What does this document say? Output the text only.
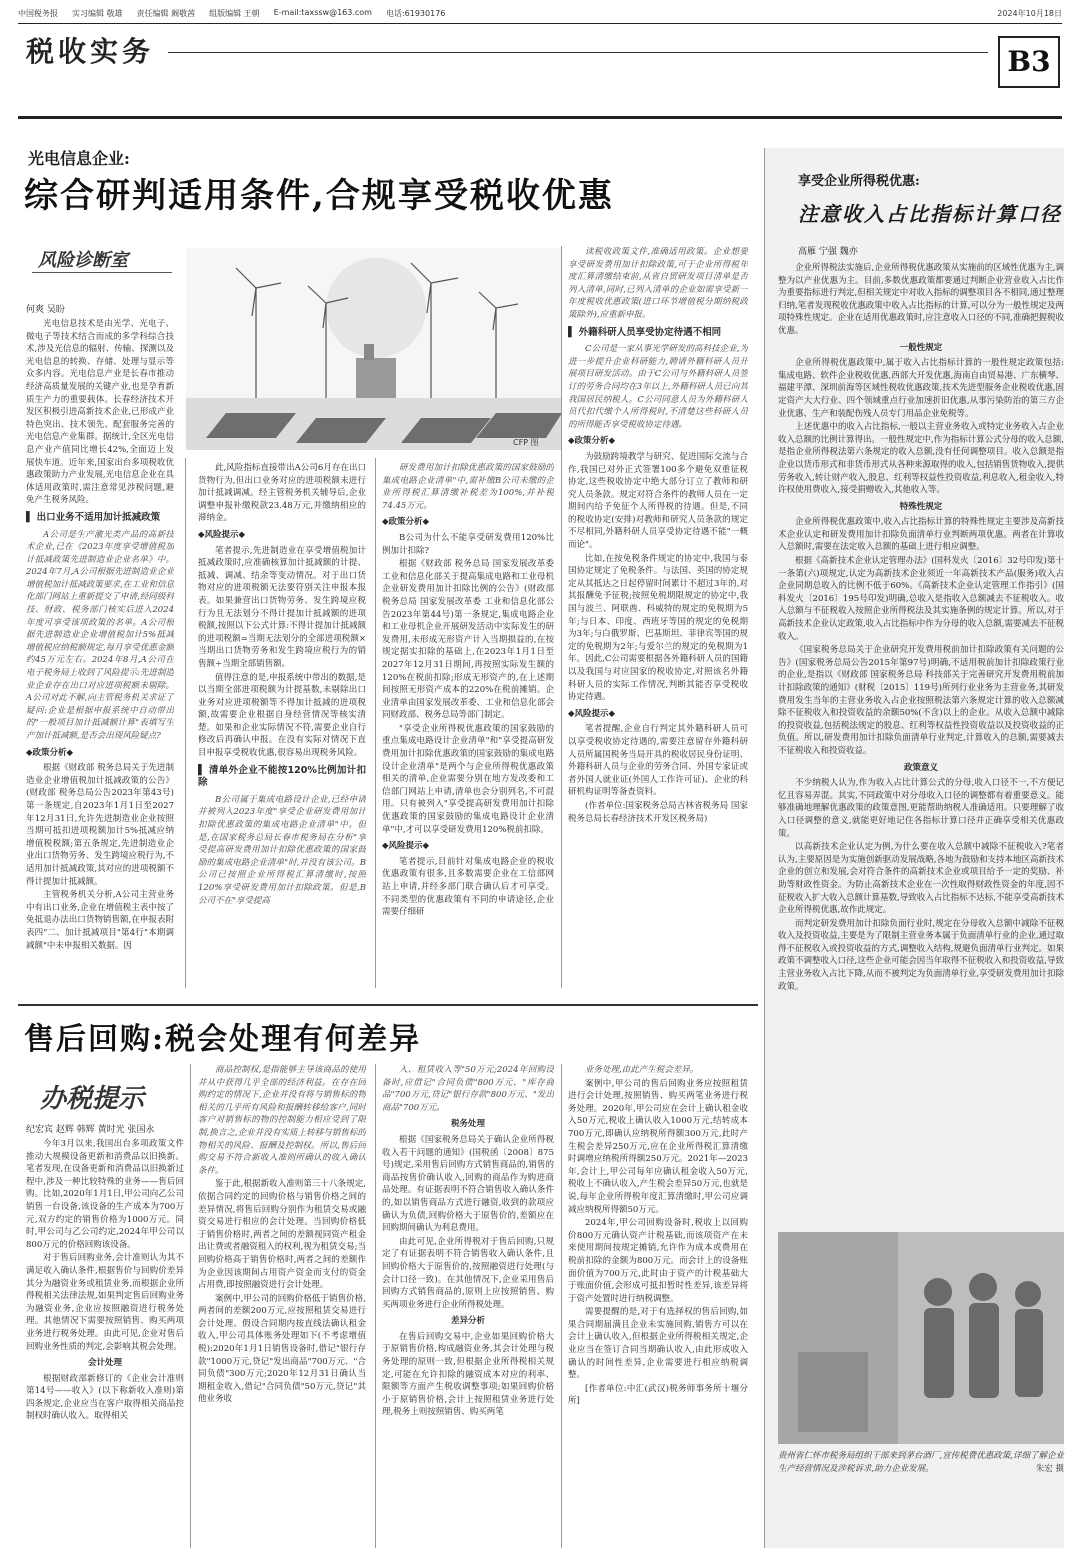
中国税务报 实习编辑 敬雄 责任编辑 阚敬茜 组版编辑 王朝 E-mail:taxssw@163.com 电话:61930176	2024年10月18日
税收实务	B3
光电信息企业:
综合研判适用条件,合规享受税收优惠
风险诊断室
何爽 吴盼
CFP 图

光电信息技术是由光学、光电子、微电子等技术结合而成的多学科综合技术,涉及光信息的辐射、传输、探测以及光电信息的转换、存储、处理与显示等众多内容。光电信息产业是长春市推动经济高质量发展的关键产业,也是孕育新质生产力的重要载体。长春经济技术开发区积极引进高新技术企业,已形成产业特色突出、技术领先、配套服务完善的光电信息产业集群。据统计,全区光电信息产业产值同比增长42%,全面迈上发展快车道。近年来,国家出台多项税收优惠政策助力产业发展,光电信息企业在具体适用政策时,需注意常见涉税问题,避免产生税务风险。

▌ 出口业务不适用加计抵减政策

A公司是生产激光类产品的高新技术企业,已在《2023年度享受增值税加计抵减政策先进制造业企业名单》中。2024年7月,A公司根据先进制造业企业增值税加计抵减政策要求,在工业和信息化部门网站上重新提交了申请,经同级科技、财政、税务部门核实后进入2024年度可享受该项政策的名单。A公司根据先进制造业企业增值税加计5%抵减增值税应纳税额规定,每月享受优惠金额约45万元左右。2024年8月,A公司在电子税务局上收到了风险提示:先进制造业企业存在出口对应进项税额未剔除。A公司对此不解,向主管税务机关求证了疑问:企业是根据申报系统中自动带出的"一般项目加计抵减额计算"表填写生产加计抵减额,是否会出现风险疑点?

◆政策分析◆

根据《财政部 税务总局关于先进制造业企业增值税加计抵减政策的公告》(财政部 税务总局公告2023年第43号)第一条规定,自2023年1月1日至2027年12月31日,允许先进制造业企业按照当期可抵扣进项税额加计5%抵减应纳增值税税额;第五条规定,先进制造业企业出口货物劳务、发生跨境应税行为,不适用加计抵减政策,其对应的进项税额不得计提加计抵减额。

主管税务机关分析,A公司主营业务中有出口业务,企业在增值税主表中按了免抵退办法出口货物销售额,在申报表附表四"二、加计抵减项目"第4行"本期调减额"中未申报相关数据。因

此,风险指标直接带出A公司6月存在出口货物行为,但出口业务对应的进项税额未进行加计抵减调减。经主管税务机关辅导后,企业调整申报补缴税款23.48万元,并缴纳相应的滞纳金。

◆风险提示◆

笔者提示,先进制造业在享受增值税加计抵减政策时,应准确核算加计抵减额的计提、抵减、调减、结余等变动情况。对于出口货物对应的进项税额无法要符别关注申报本报表。如果兼营出口货物劳务、发生跨境应税行为且无法划分不得计提加计抵减额的进项税额,按照以下公式计算:不得计提加计抵减额的进项税额=当期无法划分的全部进项税额×当期出口货物劳务和发生跨境应税行为的销售额÷当期全部销售额。

值得注意的是,申报系统中带出的数据,是以当期全部进项税额为计提基数,未剔除出口业务对应进项税额等不得加计抵减的进项税额,故需要企业根据自身经营情况等核实清楚。如果和企业实际情况不符,需要企业自行修改后再确认申报。在没有实际对情况下直目申报享受税收优惠,很容易出现税务风险。

▌ 清单外企业不能按120%比例加计扣除

B公司属于集成电路设计企业,已经申请并被列入2023年度"享受企业研发费用加计扣除优惠政策的集成电路企业清单"中。但是,在国家税务总局长春市税务局在分析"享受提高研发费用加计扣除优惠政策的国家鼓励的集成电路企业清单"时,并没有该公司。B公司已按照企业所得税汇算清缴时,按照120%享受研发费用加计扣除政策。但是,B公司不在"享受提高

研发费用加计扣除优惠政策的国家鼓励的集成电路企业清单"中,需补缴B公司未缴的企业所得税汇算清缴补税差为100%,并补税74.45万元。

◆政策分析◆

B公司为什么不能享受研发费用120%比例加计扣除?

根据《财政部 税务总局 国家发展改革委 工业和信息化部关于提高集成电路和工业母机企业研发费用加计扣除比例的公告》(财政部 税务总局 国家发展改革委 工业和信息化部公告2023年第44号)第一条规定,集成电路企业和工业母机企业开展研发活动中实际发生的研发费用,未形成无形资产计入当期损益的,在按规定据实扣除的基础上,在2023年1月1日至2027年12月31日期间,再按照实际发生额的120%在税前扣除;形成无形资产的,在上述期间按照无形资产成本的220%在税前摊销。企业清单由国家发展改革委、工业和信息化部会同财政部、税务总局等部门制定。

"享受企业所得税优惠政策的国家鼓励的重点集成电路设计企业清单"和"享受提高研发费用加计扣除优惠政策的国家鼓励的集成电路设计企业清单"是两个与企业所得税优惠政策相关的清单,企业需要分别在地方发改委和工信部门网站上申请,清单也会分别列名,不可混用。只有被列入"享受提高研发费用加计扣除优惠政策的国家鼓励的集成电路设计企业清单"中,才可以享受研发费用120%税前扣除。

◆风险提示◆

笔者提示,目前针对集成电路企业的税收优惠政策有很多,且多数需要企业在工信部网站上申请,并经多部门联合确认后才可享受。不同类型的优惠政策有不同的申请途径,企业需要仔细研

读税收政策文件,准确适用政策。企业想要享受研发费用加计扣除政策,可于企业所得税年度汇算清缴结束前,从省自贸研发项目清单是否列入清单,同时,已列入清单的企业如需享受新一年度税收优惠政策(进口环节增值税分期纳税政策除外),应重新申报。

▌ 外籍科研人员享受协定待遇不相同

C公司是一家从事光学研发的高科技企业,为进一步提升企业科研能力,聘请外籍科研人员开展项目研发活动。由于C公司与外籍科研人员签订的劳务合同均在3年以上,外籍科研人员已向其我国居民纳税人。C公司同意人员为外籍科研人员代扣代缴个人所得税时,不清楚这些科研人员的所得能否享受税收协定待遇。

◆政策分析◆

为鼓励跨境教学与研究、促进国际交流与合作,我国已对外正式签署100多个避免双重征税协定,这些税收协定中绝大部分订立了教师和研究人员条款。规定对符合条件的教师人员在一定期间内给予免征个人所得税的待遇。但是,不同的税收协定(安排)对教师和研究人员条款的规定不尽相同,外籍科研人员享受协定待遇不能"一概而论"。

比如,在按免税条件规定的协定中,我国与泰国协定规定了免税条件。与法国、英国的协定规定从其抵达之日起停留时间累计不超过3年的,对其报酬免予征税;按照免税期限规定的协定中,我国与波兰、阿联酋、科威特的规定的免税期为5年;与日本、印度、西班牙等国的规定的免税期为3年;与白俄罗斯、巴基斯坦、菲律宾等国的规定的免税期为2年;与爱尔兰的规定的免税期为1年。因此,C公司需要根据各外籍科研人员的国籍以及我国与对应国家的税收协定,对照该名外籍科研人员的实际工作情况,判断其能否享受税收协定待遇。

◆风险提示◆

笔者提醒,企业自行判定其外籍科研人员可以享受税收协定待遇的,需要注意留存外籍科研人员所属国税务当局开具的税收居民身份证明、外籍科研人员与企业的劳务合同、外国专家证或者外国人就业证(外国人工作许可证)、企业的科研机构证明等备查资料。

(作者单位:国家税务总局吉林省税务局 国家税务总局长春经济技术开发区税务局)

享受企业所得税优惠:
注意收入占比指标计算口径
高雁 宁强 魏亦

企业所得税法实施后,企业所得税优惠政策从实施前的区域性优惠为主,调整为以产业优惠为主。目前,多数优惠政策都要通过判断企业营业收入占比作为重要指标进行判定,但相关规定中对收入指标的调整项目各不相同,通过整理归纳,笔者发现税收优惠政策中收入占比指标的计算,可以分为一般性规定及两项特殊性规定。企业在适用优惠政策时,应注意收入口径的不同,准确把握税收优惠。

一般性规定

企业所得税优惠政策中,属于收入占比指标计算的一般性规定政策包括:集成电路、软件企业税收优惠,西部大开发优惠,海南自由贸易港、广东横琴、福建平潭、深圳前海等区域性税收优惠政策,技术先进型服务企业税收优惠,固定资产大大行业、四个领域重点行业加速折旧优惠,从事污染防治的第三方企业优惠、生产和装配伤残人员专门用品企业免税等。

上述优惠中的收入占比指标,一般以主营业务收入或特定业务收入占企业收入总额的比例计算得出。一般性规定中,作为指标计算公式分母的收入总额,是指企业所得税法第六条规定的收入总额,没有任何调整项目。收入总额是指企业以货币形式和非货币形式从各种来源取得的收入,包括销售货物收入,提供劳务收入,转让财产收入,股息、红利等权益性投资收益,利息收入,租金收入,特许权使用费收入,接受捐赠收入,其他收入等。

特殊性规定

企业所得税优惠政策中,收入占比指标计算的特殊性规定主要涉及高新技术企业认定和研发费用加计扣除负面清单行业判断两项优惠。两者在计算收入总额时,需要在法定收入总额的基础上进行相应调整。

根据《高新技术企业认定管理办法》(国科发火〔2016〕32号印发)第十一条第(六)项规定,认定为高新技术企业须近一年高新技术产品(服务)收入占企业同期总收入的比例不低于60%。《高新技术企业认定管理工作指引》(国科发火〔2016〕195号印发)明确,总收入是指收入总额减去不征税收入。收入总额与不征税收入按照企业所得税法及其实施条例的规定计算。所以,对于高新技术企业认定政策,收入占比指标中作为分母的收入总额,需要减去不征税收入。

《国家税务总局关于企业研究开发费用税前加计扣除政策有关问题的公告》(国家税务总局公告2015年第97号)明确,不适用税前加计扣除政策行业的企业,是指以《财政部 国家税务总局 科技部关于完善研究开发费用税前加计扣除政策的通知》(财税〔2015〕119号)所列行业业务为主营业务,其研发费用发生当年的主营业务收入占企业按照税法第六条规定计算的收入总额减除不征税收入和投资收益的余额50%(不含)以上的企业。从收入总额中减除的投资收益,包括税法规定的股息、红利等权益性投资收益以及投资收益的正负值。所以,研发费用加计扣除负面清单行业判定,计算收入的总额,需要减去不征税收入和投资收益。

政策意义

不少纳税人认为,作为收入占比计算公式的分母,收入口径不一,不方便记忆且容易弄混。其实,不同政策中对分母收入口径的调整都有着重要意义。能够准确地理解优惠政策的政策意图,更能帮助纳税人准确适用。只要理解了收入口径调整的意义,就能更好地记住各指标计算口径并正确享受相关优惠政策。

以高新技术企业认定为例,为什么要在收入总额中减除不征税收入?笔者认为,主要原因是为实施创新驱动发展战略,各地为鼓励和支持本地区高新技术企业的创立和发展,会对符合条件的高新技术企业或项目给予一定的奖励、补助等财政性资金。为防止高新技术企业在一次性取得财政性资金的年度,因不征税收入扩大收入总额计算基数,导致收入占比指标不达标,不能享受高新技术企业所得税优惠,故作此规定。

而判定研发费用加计扣除负面行业时,规定在分母收入总额中减除不征税收入及投资收益,主要是为了限制主营业务本属于负面清单行业的企业,通过取得不征税收入或投资收益的方式,调整收入结构,规避负面清单行业判定。如果政策不调整收入口径,这些企业可能会因当年取得不征税收入和投资收益,导致主营业务收入占比下降,从而不被判定为负面清单行业,享受研发费用加计扣除政策。

贵州省仁怀市税务局组织干部来到茅台酒厂,宣传税费优惠政策,详细了解企业生产经营情况及涉税诉求,助力企业发展。	朱宏 摄
售后回购:税会处理有何差异
办税提示
纪宏宾 赵辉 韩辉 黄时光 张国永

今年3月以来,我国出台多项政策文件推动大规模设备更新和消费品以旧换新。笔者发现,在设备更新和消费品以旧换新过程中,涉及一种比较特殊的业务——售后回购。比如,2020年1月1日,甲公司向乙公司销售一台设备,该设备的生产成本为700万元,双方约定的销售价格为1000万元。同时,甲公司与乙公司约定,2024年甲公司以800万元的价格回购该设备。

对于售后回购业务,会计准则认为其不满足收入确认条件,根据售价与回购价差异其分为融资业务或租赁业务,而根据企业所得税相关法律法规,如果判定售后回购业务为融资业务,企业应按照融资进行税务处理。其他情况下需要按照销售、购买两项业务进行税务处理。由此可见,企业对售后回购业务性质的判定,会影响其税会处理。

会计处理

根据财政部新修订的《企业会计准则第14号——收入》(以下称新收入准则)第四条规定,企业应当在客户取得相关商品控制权时确认收入。取得相关

商品控制权,是指能够主导该商品的使用并从中获得几乎全部的经济利益。在存在回购约定的情况下,企业并没有将与销售标的物相关的几乎所有风险和报酬转移给客户,同时客户对销售标的物的控制能力相应受到了限制,换言之,企业并没有实质上转移与销售标的物相关的风险、报酬及控制权。所以,售后回购交易不符合新收入准则所确认的收入确认条件。

鉴于此,根据新收入准则第三十八条规定,依据合同约定的回购价格与销售价格之间的差异情况,将售后回购分别作为租赁交易或融资交易进行相应的会计处理。当回购价格低于销售价格时,两者之间的差额视同资产租金出让费或者融资租入的权利,视为租赁交易;当回购价格高于销售价格时,两者之间的差额作为企业因该期间占用资产资金而支付的资金占用费,即按照融资进行会计处理。

案例中,甲公司的回购价格低于销售价格,两者间的差额200万元,应按照租赁交易进行会计处理。假设合同期内按直线法确认租金收入,甲公司具体账务处理如下(不考虑增值税):2020年1月1日销售设备时,借记"银行存款"1000万元,贷记"发出商品"700万元、"合同负债"300万元;2020年12月31日确认当期租金收入,借记"合同负债"50万元,贷记"其他业务收

入、租赁收入等"50万元;2024年回购设备时,应借记"合同负债"800万元、"库存商品"700万元,贷记"银行存款"800万元、"发出商品"700万元。

税务处理

根据《国家税务总局关于确认企业所得税收入若干问题的通知》(国税函〔2008〕875号)规定,采用售后回购方式销售商品的,销售的商品按售价确认收入,回购的商品作为购进商品处理。有证据表明不符合销售收入确认条件的,如以销售商品方式进行融资,收到的款项应确认为负债,回购价格大于原售价的,差额应在回购期间确认为利息费用。

由此可见,企业所得税对于售后回购,只规定了有证据表明不符合销售收入确认条件,且回购价格大于原售价的,按照融资进行处理(与会计口径一致)。在其他情况下,企业采用售后回购方式销售商品的,原则上应按照销售、购买两项业务进行企业所得税处理。

差异分析

在售后回购交易中,企业如果回购价格大于原销售价格,构成融资业务,其会计处理与税务处理的原则一致,但根据企业所得税相关规定,可能在允许扣除的融资成本对应的利率、限额等方面产生税收调整事项;如果回购价格小于原销售价格,会计上按照租赁业务进行处理,税务上则按照销售、购买两笔

业务处理,由此产生税会差异。

案例中,甲公司的售后回购业务应按照租赁进行会计处理,按照销售、购买两笔业务进行税务处理。2020年,甲公司应在会计上确认租金收入50万元,税收上确认收入1000万元,结转成本700万元,即确认应纳税所得额300万元,此时产生税会差异250万元,应在企业所得税汇算清缴时调增应纳税所得额250万元。2021年—2023年,会计上,甲公司每年应确认租金收入50万元,税收上不确认收入,产生税会差异50万元,也就是说,每年企业所得税年度汇算清缴时,甲公司应调减应纳税所得额50万元。

2024年,甲公司回购设备时,税收上以回购价800万元确认资产计税基础,而该项资产在未来使用期间按规定摊销,允许作为成本或费用在税前扣除的金额为800万元。而会计上的设备账面价值为700万元,此时由于资产的计税基础大于账面价值,会形成可抵扣暂时性差异,该差异将于资产处置时进行纳税调整。

需要提醒的是,对于有选择权的售后回购,如果合同期届满且企业未实施回购,销售方可以在会计上确认收入,但根据企业所得税相关规定,企业应当在签订合同当期确认收入,由此形成收入确认的时间性差异,企业需要进行相应纳税调整。

[作者单位:中汇(武汉)税务师事务所十堰分所]
